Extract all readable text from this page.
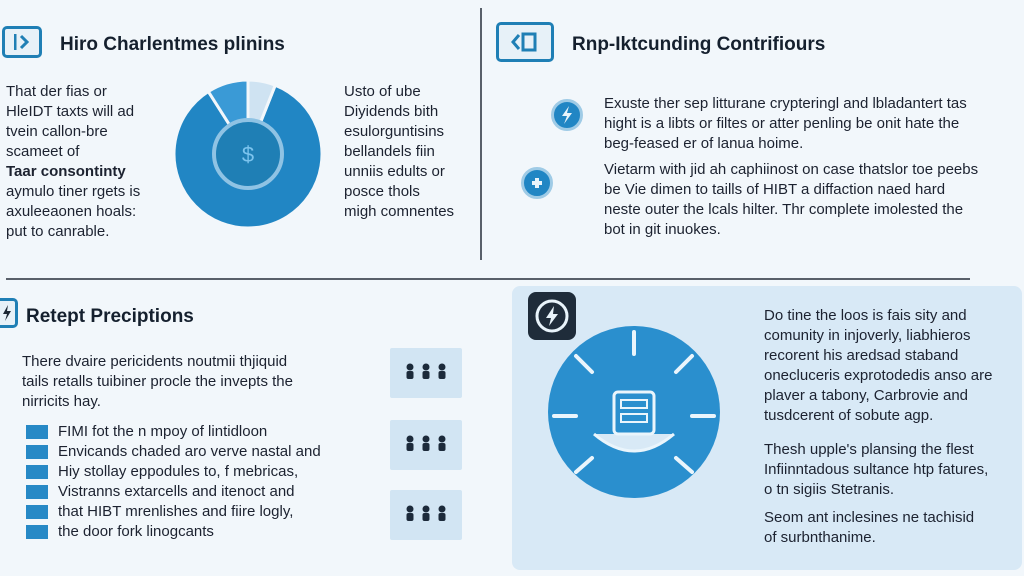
Hiro Charlentmes plinins
That der fias or
HleIDT taxts will ad
tvein callon-bre
scameet of
Taar consontinty
aymulo tiner rgets is
axuleeaonen hoals:
put to canrable.
$
Usto of ube
Diyidends bith
esulorguntisins
bellandels fiin
unniis edults or
posce thols
migh comnentes
Rnp-Iktcunding Contrifiours
Exuste ther sep litturane crypteringl and lbladantert tas
hight is a libts or filtes or atter penling be onit hate the
beg-feased er of lanua hoime.
Vietarm with jid ah caphiinost on case thatslor toe peebs
be Vie dimen to taills of HIBT a diffaction naed hard
neste outer the lcals hilter. Thr complete imolested the
bot in git inuokes.
Retept Preciptions
There dvaire pericidents noutmii thjiquid
tails retalls tuibiner procle the invepts the
nirricits hay.
FIMI fot the n mpoy of lintidloon
Envicands chaded aro verve nastal and
Hiy stollay eppodules to, f mebricas,
Vistranns extarcells and itenoct and
that HIBT mrenlishes and fiire logly,
the door fork linogcants
Do tine the loos is fais sity and
comunity in injoverly, liabhieros
recorent his aredsad staband
onecluceris exprotodedis anso are
plaver a tabony, Carbrovie and
tusdcerent of sobute agp.
Thesh upple's plansing the flest
Infiinntadous sultance htp fatures,
o tn sigiis Stetranis.
Seom ant inclesines ne tachisid
of surbnthanime.
